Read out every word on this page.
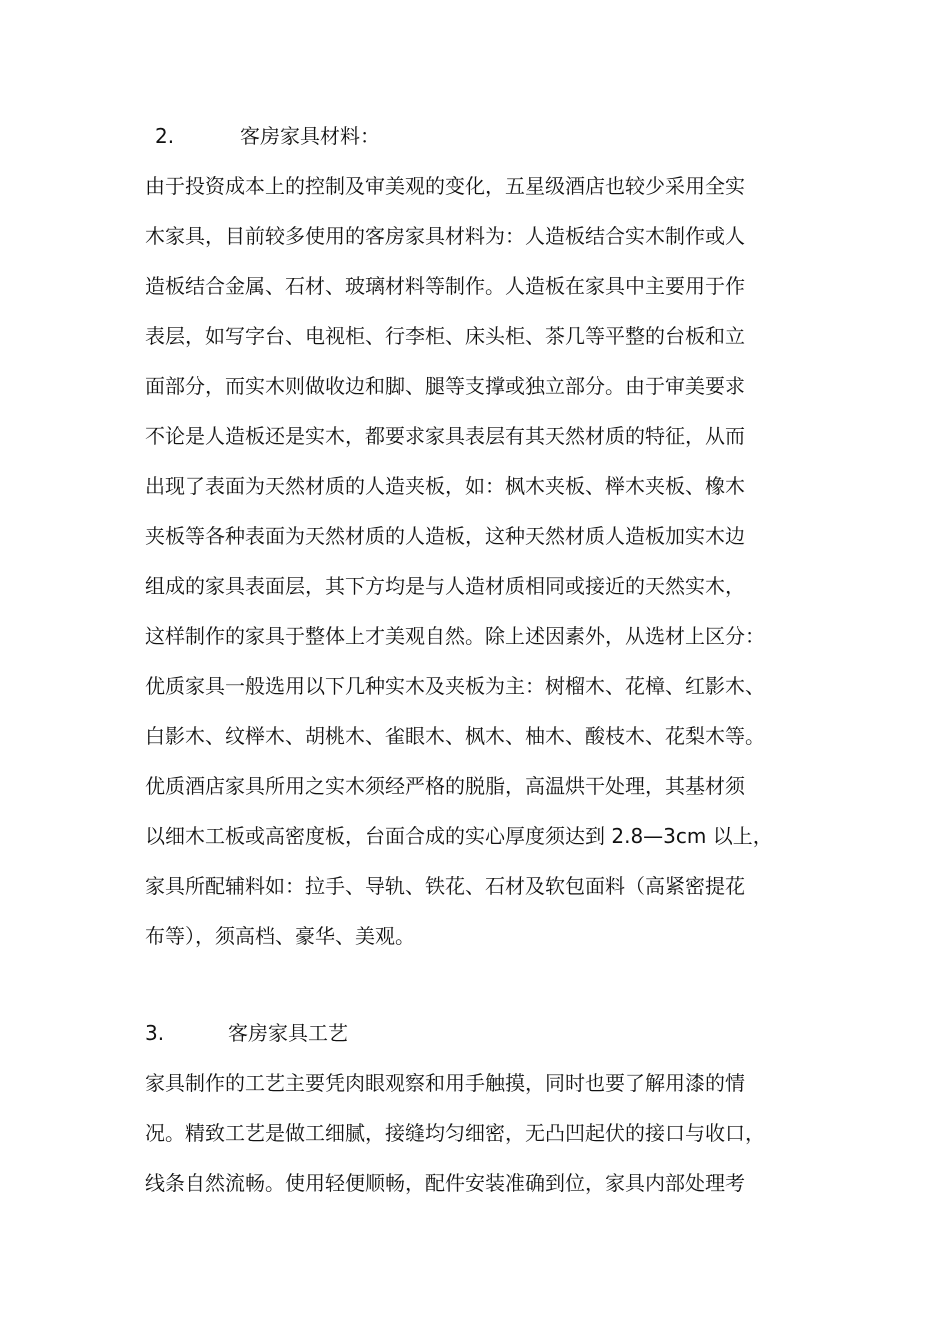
2.	客房家具材料：
由于投资成本上的控制及审美观的变化，五星级酒店也较少采用全实
木家具，目前较多使用的客房家具材料为：人造板结合实木制作或人
造板结合金属、石材、玻璃材料等制作。人造板在家具中主要用于作
表层，如写字台、电视柜、行李柜、床头柜、茶几等平整的台板和立
面部分，而实木则做收边和脚、腿等支撑或独立部分。由于审美要求
不论是人造板还是实木，都要求家具表层有其天然材质的特征，从而
出现了表面为天然材质的人造夹板，如：枫木夹板、榉木夹板、橡木
夹板等各种表面为天然材质的人造板，这种天然材质人造板加实木边
组成的家具表面层，其下方均是与人造材质相同或接近的天然实木，
这样制作的家具于整体上才美观自然。除上述因素外，从选材上区分：
优质家具一般选用以下几种实木及夹板为主：树榴木、花樟、红影木、
白影木、纹榉木、胡桃木、雀眼木、枫木、柚木、酸枝木、花梨木等。
优质酒店家具所用之实木须经严格的脱脂，高温烘干处理，其基材须
以细木工板或高密度板，台面合成的实心厚度须达到 2.8—3cm 以上，
家具所配辅料如：拉手、导轨、铁花、石材及软包面料（高紧密提花
布等），须高档、豪华、美观。
3.	客房家具工艺
家具制作的工艺主要凭肉眼观察和用手触摸，同时也要了解用漆的情
况。精致工艺是做工细腻，接缝均匀细密，无凸凹起伏的接口与收口，
线条自然流畅。使用轻便顺畅，配件安装准确到位，家具内部处理考
